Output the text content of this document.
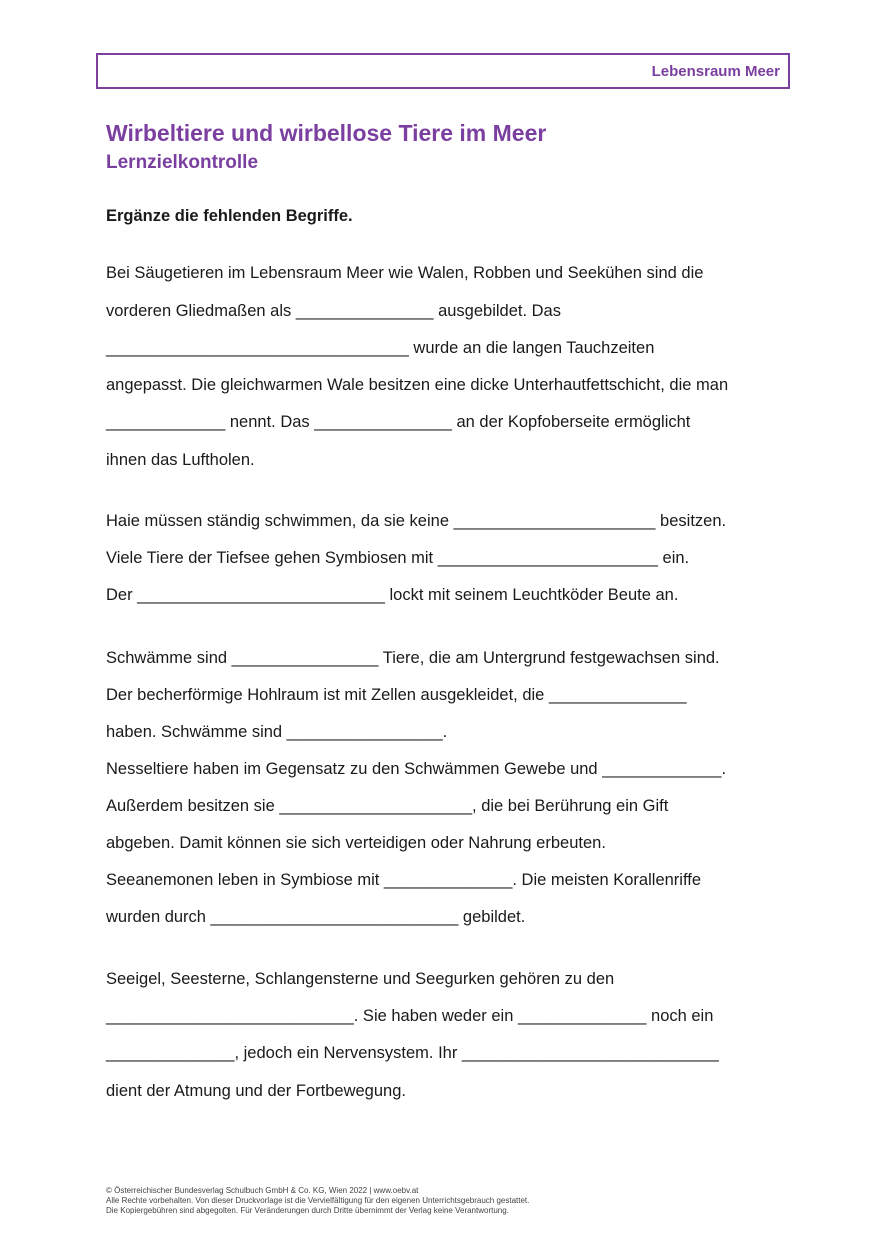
Lebensraum Meer
Wirbeltiere und wirbellose Tiere im Meer
Lernzielkontrolle

Ergänze die fehlenden Begriffe.

Bei Säugetieren im Lebensraum Meer wie Walen, Robben und Seekühen sind die
vorderen Gliedmaßen als _______________ ausgebildet. Das
_________________________________ wurde an die langen Tauchzeiten
angepasst. Die gleichwarmen Wale besitzen eine dicke Unterhautfettschicht, die man
_____________ nennt. Das _______________ an der Kopfoberseite ermöglicht
ihnen das Luftholen.
Haie müssen ständig schwimmen, da sie keine ______________________ besitzen.
Viele Tiere der Tiefsee gehen Symbiosen mit ________________________ ein.
Der ___________________________ lockt mit seinem Leuchtköder Beute an.
Schwämme sind ________________ Tiere, die am Untergrund festgewachsen sind.
Der becherförmige Hohlraum ist mit Zellen ausgekleidet, die _______________
haben. Schwämme sind _________________.
Nesseltiere haben im Gegensatz zu den Schwämmen Gewebe und _____________.
Außerdem besitzen sie _____________________, die bei Berührung ein Gift
abgeben. Damit können sie sich verteidigen oder Nahrung erbeuten.
Seeanemonen leben in Symbiose mit ______________. Die meisten Korallenriffe
wurden durch ___________________________ gebildet.
Seeigel, Seesterne, Schlangensterne und Seegurken gehören zu den
___________________________. Sie haben weder ein ______________ noch ein
______________, jedoch ein Nervensystem. Ihr ____________________________
dient der Atmung und der Fortbewegung.
© Österreichischer Bundesverlag Schulbuch GmbH & Co. KG, Wien 2022 | www.oebv.at
Alle Rechte vorbehalten. Von dieser Druckvorlage ist die Vervielfältigung für den eigenen Unterrichtsgebrauch gestattet.
Die Kopiergebühren sind abgegolten. Für Veränderungen durch Dritte übernimmt der Verlag keine Verantwortung.
